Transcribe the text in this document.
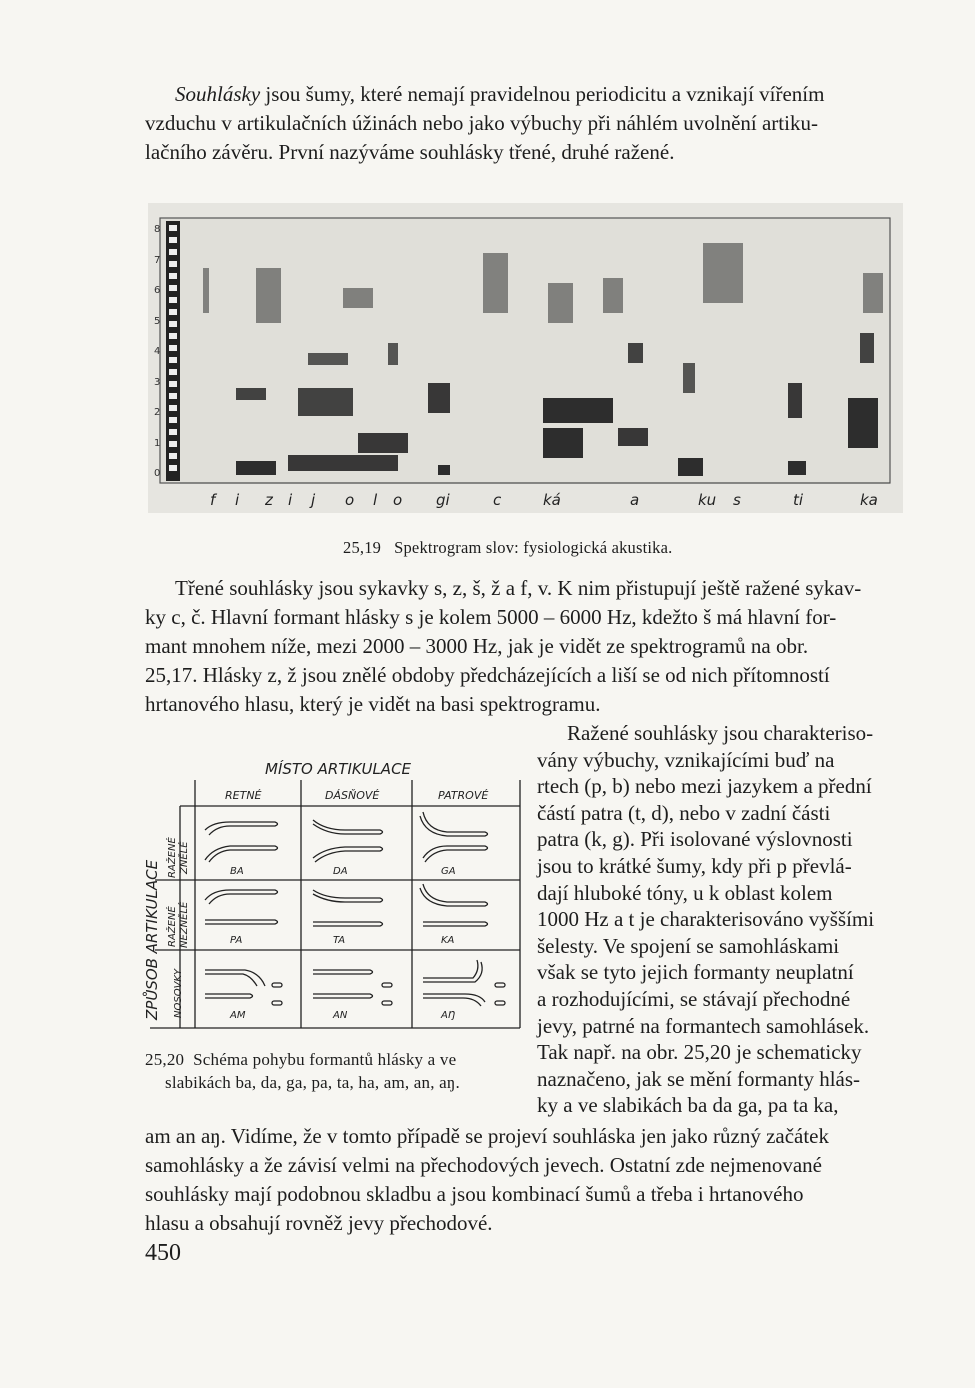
Souhlásky jsou šumy, které nemají pravidelnou periodicitu a vznikají vířením

vzduchu v artikulačních úžinách nebo jako výbuchy při náhlém uvolnění artiku-

lačního závěru. První nazýváme souhlásky třené, druhé ražené.

8
7
6
5
4
3
2
1
0
f i z i j o l o gi	c	ká	a	ku s	ti	ka
25,19 Spektrogram slov: fysiologická akustika.

Třené souhlásky jsou sykavky s, z, š, ž a f, v. K nim přistupují ještě ražené sykav-

ky c, č. Hlavní formant hlásky s je kolem 5000 – 6000 Hz, kdežto š má hlavní for-

mant mnohem níže, mezi 2000 – 3000 Hz, jak je vidět ze spektrogramů na obr.

25,17. Hlásky z, ž jsou znělé obdoby předcházejících a liší se od nich přítomností

hrtanového hlasu, který je vidět na basi spektrogramu.

MÍSTO ARTIKULACE
RETNÉ	DÁSŇOVÉ	PATROVÉ
ZPŮSOB ARTIKULACE
RAŽENÉ ZNĚLÉ
RAŽENÉ NEZNĚLÉ
NOSOVKY
BA	DA	GA
PA	TA	KA
AM	AN	AŊ
25,20 Schéma pohybu formantů hlásky a ve
slabikách ba, da, ga, pa, ta, ha, am, an, aŋ.

Ražené souhlásky jsou charakteriso-

vány výbuchy, vznikajícími buď na

rtech (p, b) nebo mezi jazykem a přední

částí patra (t, d), nebo v zadní části

patra (k, g). Při isolované výslovnosti

jsou to krátké šumy, kdy při p převlá-

dají hluboké tóny, u k oblast kolem

1000 Hz a t je charakterisováno vyššími

šelesty. Ve spojení se samohláskami

však se tyto jejich formanty neuplatní

a rozhodujícími, se stávají přechodné

jevy, patrné na formantech samohlásek.

Tak např. na obr. 25,20 je schematicky

naznačeno, jak se mění formanty hlás-

ky a ve slabikách ba da ga, pa ta ka,

am an aŋ. Vidíme, že v tomto případě se projeví souhláska jen jako různý začátek

samohlásky a že závisí velmi na přechodových jevech. Ostatní zde nejmenované

souhlásky mají podobnou skladbu a jsou kombinací šumů a třeba i hrtanového

hlasu a obsahují rovněž jevy přechodové.

450
